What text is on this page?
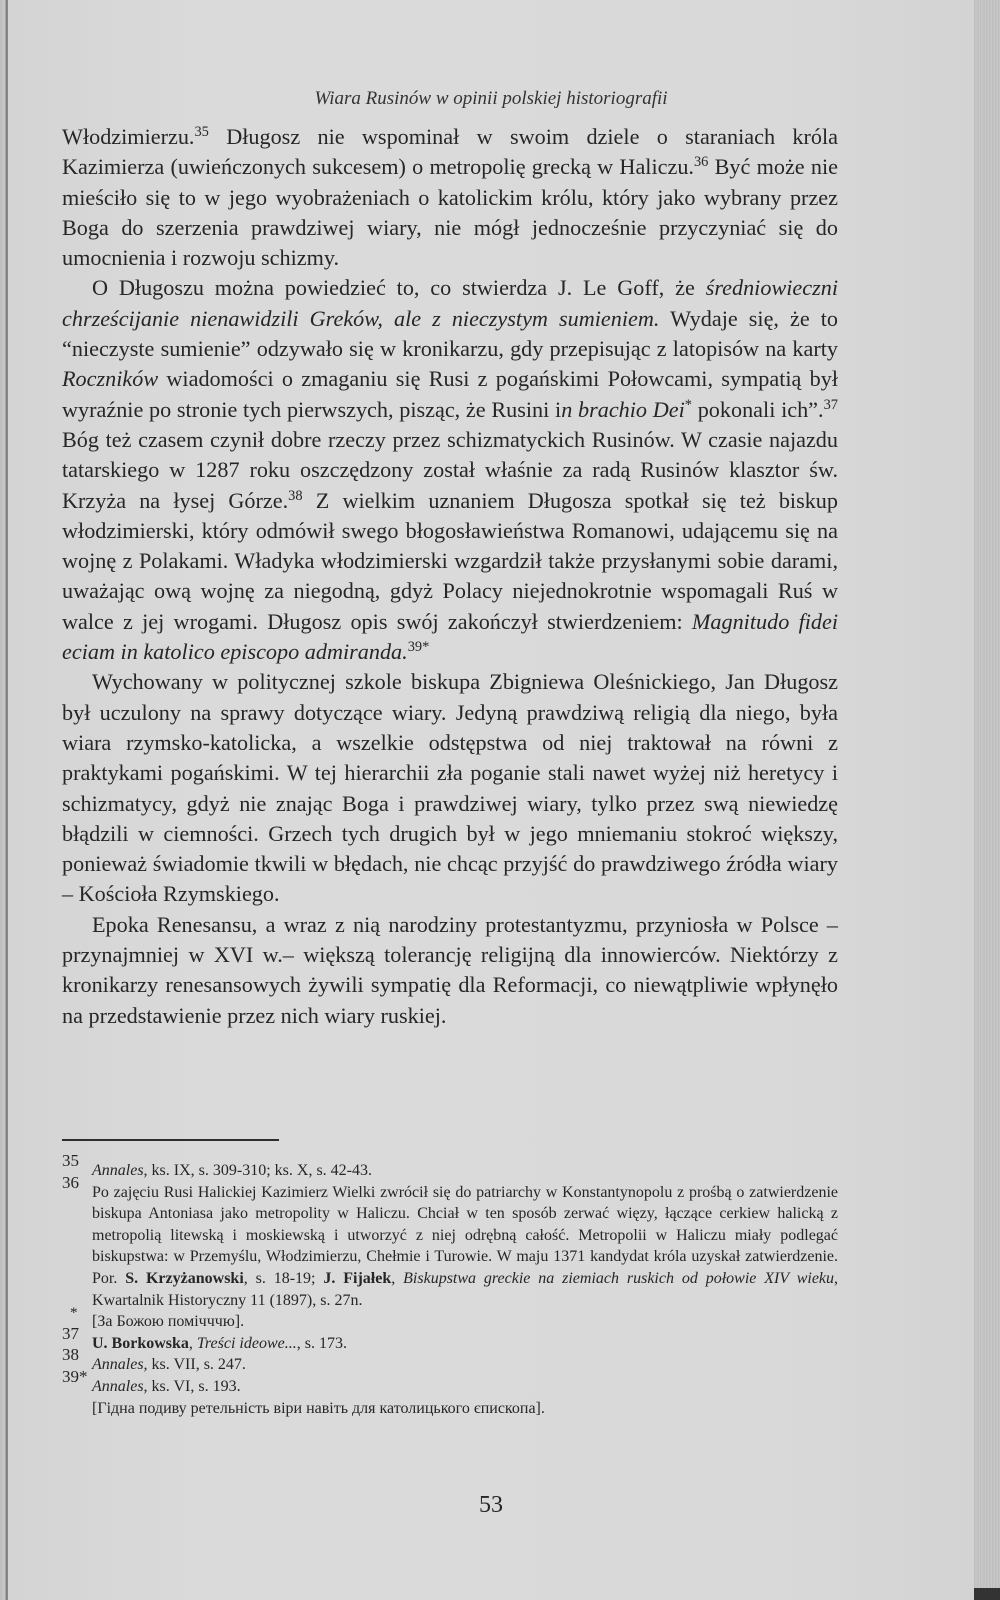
Wiara Rusinów w opinii polskiej historiografii

Włodzimierzu.$^{35}$ Długosz nie wspominał w swoim dziele o staraniach króla Kazimierza (uwieńczonych sukcesem) o metropolię grecką w Haliczu.$^{36}$ Być może nie mieściło się to w jego wyobrażeniach o katolickim królu, który jako wybrany przez Boga do szerzenia prawdziwej wiary, nie mógł jednocześnie przyczyniać się do umocnienia i rozwoju schizmy.

O Długoszu można powiedzieć to, co stwierdza J. Le Goff, że średniowieczni chrześcijanie nienawidzili Greków, ale z nieczystym sumieniem. Wydaje się, że to “nieczyste sumienie” odzywało się w kronikarzu, gdy przepisując z latopisów na karty Roczników wiadomości o zmaganiu się Rusi z pogańskimi Połowcami, sympatią był wyraźnie po stronie tych pierwszych, pisząc, że Rusini in brachio Dei* pokonali ich”.$^{37}$ Bóg też czasem czynił dobre rzeczy przez schizmatyckich Rusinów. W czasie najazdu tatarskiego w 1287 roku oszczędzony został właśnie za radą Rusinów klasztor św. Krzyża na łysej Górze.$^{38}$ Z wielkim uznaniem Długosza spotkał się też biskup włodzimierski, który odmówił swego błogosławieństwa Romanowi, udającemu się na wojnę z Polakami. Władyka włodzimierski wzgardził także przysłanymi sobie darami, uważając ową wojnę za niegodną, gdyż Polacy niejednokrotnie wspomagali Ruś w walce z jej wrogami. Długosz opis swój zakończył stwierdzeniem: Magnitudo fidei eciam in katolico episcopo admiranda.$^{39*}$

Wychowany w politycznej szkole biskupa Zbigniewa Oleśnickiego, Jan Długosz był uczulony na sprawy dotyczące wiary. Jedyną prawdziwą religią dla niego, była wiara rzymsko-katolicka, a wszelkie odstępstwa od niej traktował na równi z praktykami pogańskimi. W tej hierarchii zła poganie stali nawet wyżej niż heretycy i schizmatycy, gdyż nie znając Boga i prawdziwej wiary, tylko przez swą niewiedzę błądzili w ciemności. Grzech tych drugich był w jego mniemaniu stokroć większy, ponieważ świadomie tkwili w błędach, nie chcąc przyjść do prawdziwego źródła wiary – Kościoła Rzymskiego.

Epoka Renesansu, a wraz z nią narodziny protestantyzmu, przyniosła w Polsce – przynajmniej w XVI w.– większą tolerancję religijną dla innowierców. Niektórzy z kronikarzy renesansowych żywili sympatię dla Reformacji, co niewątpliwie wpłynęło na przedstawienie przez nich wiary ruskiej.

35
Annales, ks. IX, s. 309-310; ks. X, s. 42-43.
36
Po zajęciu Rusi Halickiej Kazimierz Wielki zwrócił się do patriarchy w Konstantynopolu z prośbą o zatwierdzenie biskupa Antoniasa jako metropolity w Haliczu. Chciał w ten sposób zerwać więzy, łączące cerkiew halicką z metropolią litewską i moskiewską i utworzyć z niej odrębną całość. Metropolii w Haliczu miały podlegać biskupstwa: w Przemyślu, Włodzimierzu, Chełmie i Turowie. W maju 1371 kandydat króla uzyskał zatwierdzenie. Por. S. Krzyżanowski, s. 18-19; J. Fijałek, Biskupstwa greckie na ziemiach ruskich od połowie XIV wieku, Kwartalnik Historyczny 11 (1897), s. 27n.
* [За Божою помічччю].
37
U. Borkowska, Treści ideowe..., s. 173.
38
Annales, ks. VII, s. 247.
39*
Annales, ks. VI, s. 193.
[Гідна подиву ретельність віри навіть для католицького єпископа].
53
